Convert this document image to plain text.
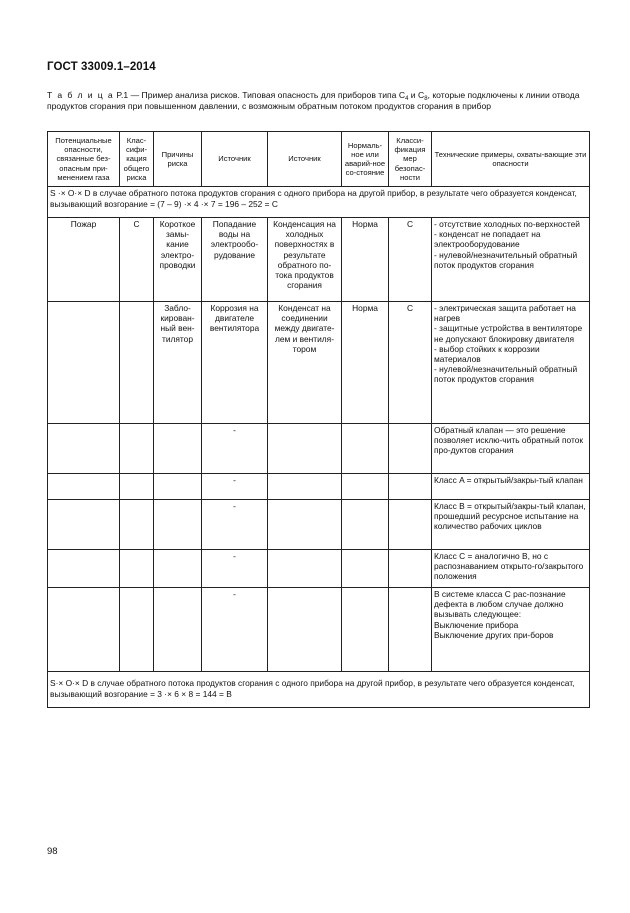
ГОСТ 33009.1–2014
Т а б л и ц а P.1 — Пример анализа рисков. Типовая опасность для приборов типа $C_4$ и $C_8$, которые подключены к линии отвода продуктов сгорания при повышенном давлении, с возможным обратным потоком продуктов сгорания в прибор
Потенциальные опасности, связанные без-опасным при-менением газа	Клас-сифи-кация общего риска	Причины риска	Источник	Источник	Нормаль-ное или аварий-ное со-стояние	Класси-фикация мер безопас-ности	Технические примеры, охваты-вающие эти опасности
S ·× O·× D в случае обратного потока продуктов сгорания с одного прибора на другой прибор, в результате чего образуется конденсат, вызывающий возгорание = (7 – 9) ·× 4 ·× 7 = 196 – 252 = C							
Пожар	C	Короткое замы-кание электро-проводки	Попадание воды на электрообо-рудование	Конденсация на холодных поверхностях в результате обратного по-тока продуктов сгорания	Норма	C	- отсутствие холодных по-верхностей
- конденсат не попадает на электрооборудование
- нулевой/незначительный обратный поток продуктов сгорания

		Забло-кирован-ный вен-тилятор	Коррозия на двигателе вентилятора	Конденсат на соединении между двигате-лем и вентиля-тором	Норма	C	- электрическая защита работает на нагрев
- защитные устройства в вентиляторе не допускают блокировку двигателя
- выбор стойких к коррозии материалов
- нулевой/незначительный обратный поток продуктов сгорания

			-				Обратный клапан — это решение позволяет исклю-чить обратный поток про-дуктов сгорания

			-				Класс A = открытый/закры-тый клапан

			-				Класс B = открытый/закры-тый клапан, прошедший ресурсное испытание на количество рабочих циклов

			-				Класс C = аналогично B, но с распознаванием открыто-го/закрытого положения

			-				В системе класса C рас-познание дефекта в любом случае должно вызывать следующее:
Выключение прибора
Выключение других при-боров

S·× O·× D в случае обратного потока продуктов сгорания с одного прибора на другой прибор, в результате чего образуется конденсат, вызывающий возгорание = 3 ·× 6 × 8 = 144 = B							
98
